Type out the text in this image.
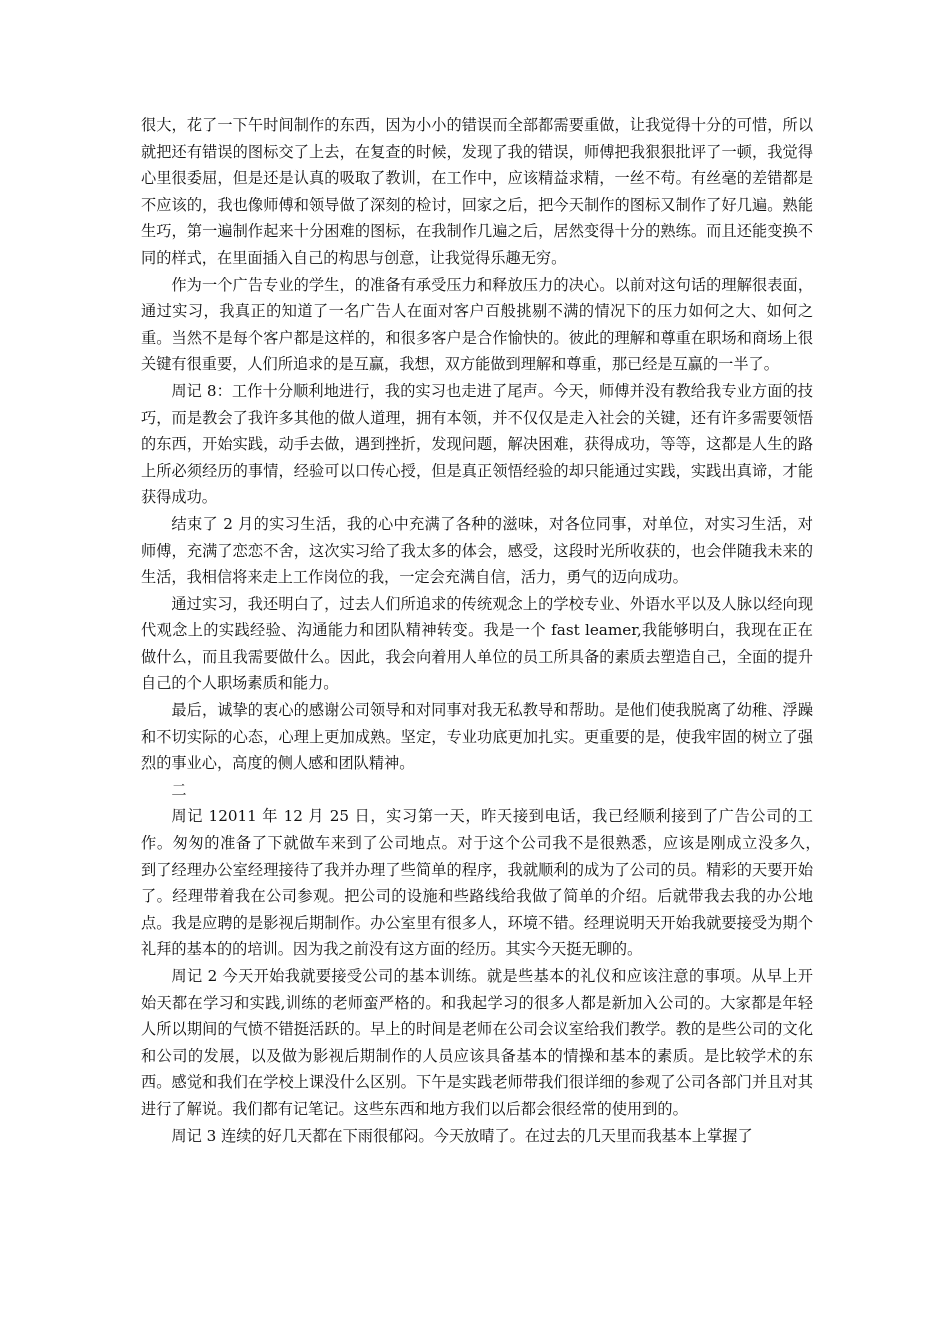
很大，花了一下午时间制作的东西，因为小小的错误而全部都需要重做，让我觉得十分的可惜，所以就把还有错误的图标交了上去，在复查的时候，发现了我的错误，师傅把我狠狠批评了一顿，我觉得心里很委屈，但是还是认真的吸取了教训，在工作中，应该精益求精，一丝不苟。有丝毫的差错都是不应该的，我也像师傅和领导做了深刻的检讨，回家之后，把今天制作的图标又制作了好几遍。熟能生巧，第一遍制作起来十分困难的图标，在我制作几遍之后，居然变得十分的熟练。而且还能变换不同的样式，在里面插入自己的构思与创意，让我觉得乐趣无穷。

作为一个广告专业的学生，的准备有承受压力和释放压力的决心。以前对这句话的理解很表面，通过实习，我真正的知道了一名广告人在面对客户百般挑剔不满的情况下的压力如何之大、如何之重。当然不是每个客户都是这样的，和很多客户是合作愉快的。彼此的理解和尊重在职场和商场上很关键有很重要，人们所追求的是互赢，我想，双方能做到理解和尊重，那已经是互赢的一半了。

周记 8：工作十分顺利地进行，我的实习也走进了尾声。今天，师傅并没有教给我专业方面的技巧，而是教会了我许多其他的做人道理，拥有本领，并不仅仅是走入社会的关键，还有许多需要领悟的东西，开始实践，动手去做，遇到挫折，发现问题，解决困难，获得成功，等等，这都是人生的路上所必须经历的事情，经验可以口传心授，但是真正领悟经验的却只能通过实践，实践出真谛，才能获得成功。

结束了 2 月的实习生活，我的心中充满了各种的滋味，对各位同事，对单位，对实习生活，对师傅，充满了恋恋不舍，这次实习给了我太多的体会，感受，这段时光所收获的，也会伴随我未来的生活，我相信将来走上工作岗位的我，一定会充满自信，活力，勇气的迈向成功。

通过实习，我还明白了，过去人们所追求的传统观念上的学校专业、外语水平以及人脉以经向现代观念上的实践经验、沟通能力和团队精神转变。我是一个 fast leamer,我能够明白，我现在正在做什么，而且我需要做什么。因此，我会向着用人单位的员工所具备的素质去塑造自己，全面的提升自己的个人职场素质和能力。

最后，诚挚的衷心的感谢公司领导和对同事对我无私教导和帮助。是他们使我脱离了幼稚、浮躁和不切实际的心态，心理上更加成熟。坚定，专业功底更加扎实。更重要的是，使我牢固的树立了强烈的事业心，高度的侧人感和团队精神。

二

周记 12011 年 12 月 25 日，实习第一天，昨天接到电话，我已经顺利接到了广告公司的工作。匆匆的准备了下就做车来到了公司地点。对于这个公司我不是很熟悉，应该是刚成立没多久，　到了经理办公室经理接待了我并办理了些简单的程序，我就顺利的成为了公司的员。精彩的天要开始了。经理带着我在公司参观。把公司的设施和些路线给我做了简单的介绍。后就带我去我的办公地点。我是应聘的是影视后期制作。办公室里有很多人，环境不错。经理说明天开始我就要接受为期个礼拜的基本的的培训。因为我之前没有这方面的经历。其实今天挺无聊的。

周记 2 今天开始我就要接受公司的基本训练。就是些基本的礼仪和应该注意的事项。从早上开始天都在学习和实践,训练的老师蛮严格的。和我起学习的很多人都是新加入公司的。大家都是年轻人所以期间的气愤不错挺活跃的。早上的时间是老师在公司会议室给我们教学。教的是些公司的文化和公司的发展，以及做为影视后期制作的人员应该具备基本的情操和基本的素质。是比较学术的东西。感觉和我们在学校上课没什么区别。下午是实践老师带我们很详细的参观了公司各部门并且对其进行了解说。我们都有记笔记。这些东西和地方我们以后都会很经常的使用到的。

周记 3 连续的好几天都在下雨很郁闷。今天放晴了。在过去的几天里而我基本上掌握了
